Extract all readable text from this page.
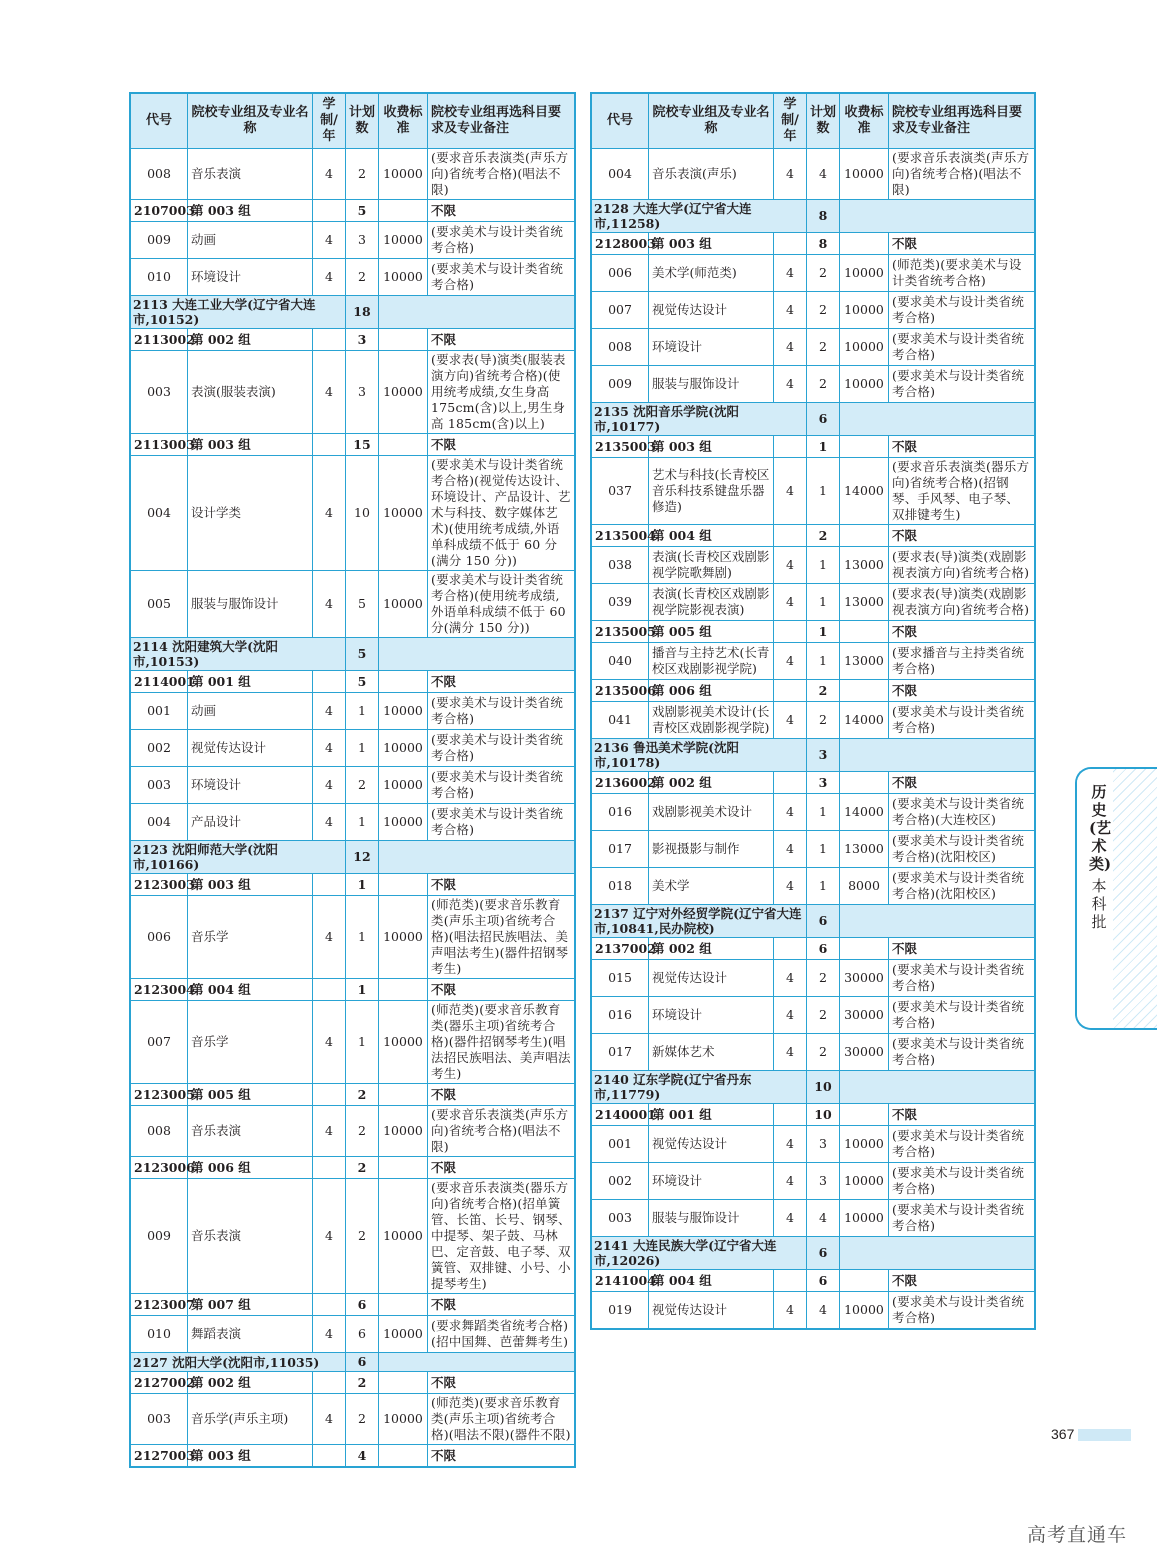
代号	院校专业组及专业名称	学制/年	计划数	收费标准	院校专业组再选科目要求及专业备注
008	音乐表演	4	2	10000	(要求音乐表演类(声乐方向)省统考合格)(唱法不限)
2107003	第 003 组		5		不限
009	动画	4	3	10000	(要求美术与设计类省统考合格)
010	环境设计	4	2	10000	(要求美术与设计类省统考合格)
2113 大连工业大学(辽宁省大连市,10152)			18		
2113002	第 002 组		3		不限
003	表演(服装表演)	4	3	10000	(要求表(导)演类(服装表演方向)省统考合格)(使用统考成绩,女生身高 175cm(含)以上,男生身高 185cm(含)以上)
2113003	第 003 组		15		不限
004	设计学类	4	10	10000	(要求美术与设计类省统考合格)(视觉传达设计、环境设计、产品设计、艺术与科技、数字媒体艺术)(使用统考成绩,外语单科成绩不低于 60 分(满分 150 分))
005	服装与服饰设计	4	5	10000	(要求美术与设计类省统考合格)(使用统考成绩,外语单科成绩不低于 60 分(满分 150 分))
2114 沈阳建筑大学(沈阳市,10153)			5		
2114001	第 001 组		5		不限
001	动画	4	1	10000	(要求美术与设计类省统考合格)
002	视觉传达设计	4	1	10000	(要求美术与设计类省统考合格)
003	环境设计	4	2	10000	(要求美术与设计类省统考合格)
004	产品设计	4	1	10000	(要求美术与设计类省统考合格)
2123 沈阳师范大学(沈阳市,10166)			12		
2123003	第 003 组		1		不限
006	音乐学	4	1	10000	(师范类)(要求音乐教育类(声乐主项)省统考合格)(唱法招民族唱法、美声唱法考生)(器件招钢琴考生)
2123004	第 004 组		1		不限
007	音乐学	4	1	10000	(师范类)(要求音乐教育类(器乐主项)省统考合格)(器件招钢琴考生)(唱法招民族唱法、美声唱法考生)
2123005	第 005 组		2		不限
008	音乐表演	4	2	10000	(要求音乐表演类(声乐方向)省统考合格)(唱法不限)
2123006	第 006 组		2		不限
009	音乐表演	4	2	10000	(要求音乐表演类(器乐方向)省统考合格)(招单簧管、长笛、长号、钢琴、中提琴、架子鼓、马林巴、定音鼓、电子琴、双簧管、双排键、小号、小提琴考生)
2123007	第 007 组		6		不限
010	舞蹈表演	4	6	10000	(要求舞蹈类省统考合格)(招中国舞、芭蕾舞考生)
2127 沈阳大学(沈阳市,11035)			6		
2127002	第 002 组		2		不限
003	音乐学(声乐主项)	4	2	10000	(师范类)(要求音乐教育类(声乐主项)省统考合格)(唱法不限)(器件不限)
2127003	第 003 组		4		不限
代号	院校专业组及专业名称	学制/年	计划数	收费标准	院校专业组再选科目要求及专业备注
004	音乐表演(声乐)	4	4	10000	(要求音乐表演类(声乐方向)省统考合格)(唱法不限)
2128 大连大学(辽宁省大连市,11258)			8		
2128003	第 003 组		8		不限
006	美术学(师范类)	4	2	10000	(师范类)(要求美术与设计类省统考合格)
007	视觉传达设计	4	2	10000	(要求美术与设计类省统考合格)
008	环境设计	4	2	10000	(要求美术与设计类省统考合格)
009	服装与服饰设计	4	2	10000	(要求美术与设计类省统考合格)
2135 沈阳音乐学院(沈阳市,10177)			6		
2135003	第 003 组		1		不限
037	艺术与科技(长青校区音乐科技系键盘乐器修造)	4	1	14000	(要求音乐表演类(器乐方向)省统考合格)(招钢琴、手风琴、电子琴、双排键考生)
2135004	第 004 组		2		不限
038	表演(长青校区戏剧影视学院歌舞剧)	4	1	13000	(要求表(导)演类(戏剧影视表演方向)省统考合格)
039	表演(长青校区戏剧影视学院影视表演)	4	1	13000	(要求表(导)演类(戏剧影视表演方向)省统考合格)
2135005	第 005 组		1		不限
040	播音与主持艺术(长青校区戏剧影视学院)	4	1	13000	(要求播音与主持类省统考合格)
2135006	第 006 组		2		不限
041	戏剧影视美术设计(长青校区戏剧影视学院)	4	2	14000	(要求美术与设计类省统考合格)
2136 鲁迅美术学院(沈阳市,10178)			3		
2136002	第 002 组		3		不限
016	戏剧影视美术设计	4	1	14000	(要求美术与设计类省统考合格)(大连校区)
017	影视摄影与制作	4	1	13000	(要求美术与设计类省统考合格)(沈阳校区)
018	美术学	4	1	8000	(要求美术与设计类省统考合格)(沈阳校区)
2137 辽宁对外经贸学院(辽宁省大连市,10841,民办院校)			6		
2137002	第 002 组		6		不限
015	视觉传达设计	4	2	30000	(要求美术与设计类省统考合格)
016	环境设计	4	2	30000	(要求美术与设计类省统考合格)
017	新媒体艺术	4	2	30000	(要求美术与设计类省统考合格)
2140 辽东学院(辽宁省丹东市,11779)			10		
2140001	第 001 组		10		不限
001	视觉传达设计	4	3	10000	(要求美术与设计类省统考合格)
002	环境设计	4	3	10000	(要求美术与设计类省统考合格)
003	服装与服饰设计	4	4	10000	(要求美术与设计类省统考合格)
2141 大连民族大学(辽宁省大连市,12026)			6		
2141004	第 004 组		6		不限
019	视觉传达设计	4	4	10000	(要求美术与设计类省统考合格)
历史(艺术类)
本科批
367
高考直通车
